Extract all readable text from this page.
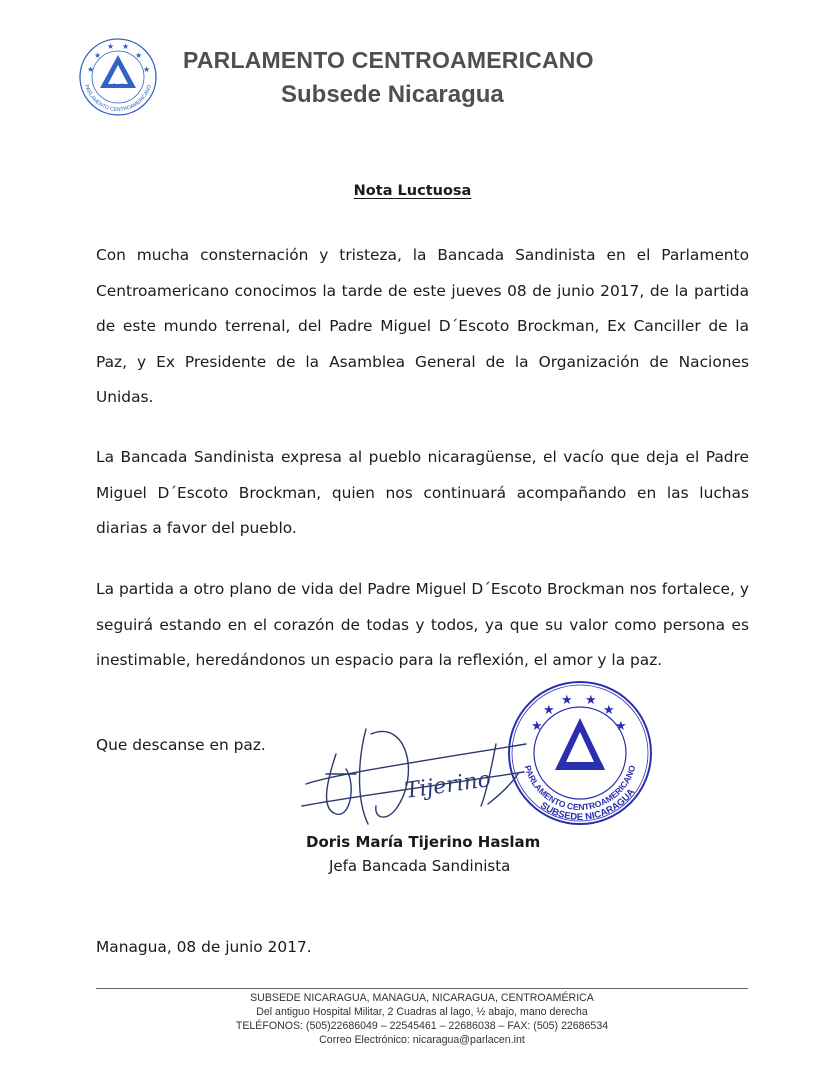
★
★
★ ★
★
★
PARLAMENTO CENTROAMERICANO
PARLAMENTO CENTROAMERICANO
Subsede Nicaragua
Nota Luctuosa

Con mucha consternación y tristeza, la Bancada Sandinista en el Parlamento Centroamericano conocimos la tarde de este jueves 08 de junio 2017, de la partida de este mundo terrenal, del Padre Miguel D´Escoto Brockman, Ex Canciller de la Paz, y Ex Presidente de la Asamblea General de la Organización de Naciones Unidas.

La Bancada Sandinista expresa al pueblo nicaragüense, el vacío que deja el Padre Miguel D´Escoto Brockman, quien nos continuará acompañando en las luchas diarias a favor del pueblo.

La partida a otro plano de vida del Padre Miguel D´Escoto Brockman nos fortalece, y seguirá estando en el corazón de todas y todos, ya que su valor como persona es inestimable, heredándonos un espacio para la reflexión, el amor y la paz.

Que descanse en paz.
★
★
★ ★
★
★
PARLAMENTO CENTROAMERICANO
SUBSEDE NICARAGUA
Tijerino
Doris María Tijerino Haslam
Jefa Bancada Sandinista
Managua, 08 de junio 2017.
SUBSEDE NICARAGUA, MANAGUA, NICARAGUA, CENTROAMÉRICA
Del antiguo Hospital Militar, 2 Cuadras al lago, ½ abajo, mano derecha
TELÉFONOS: (505)22686049 – 22545461 – 22686038 – FAX: (505) 22686534
Correo Electrónico: nicaragua@parlacen.int
